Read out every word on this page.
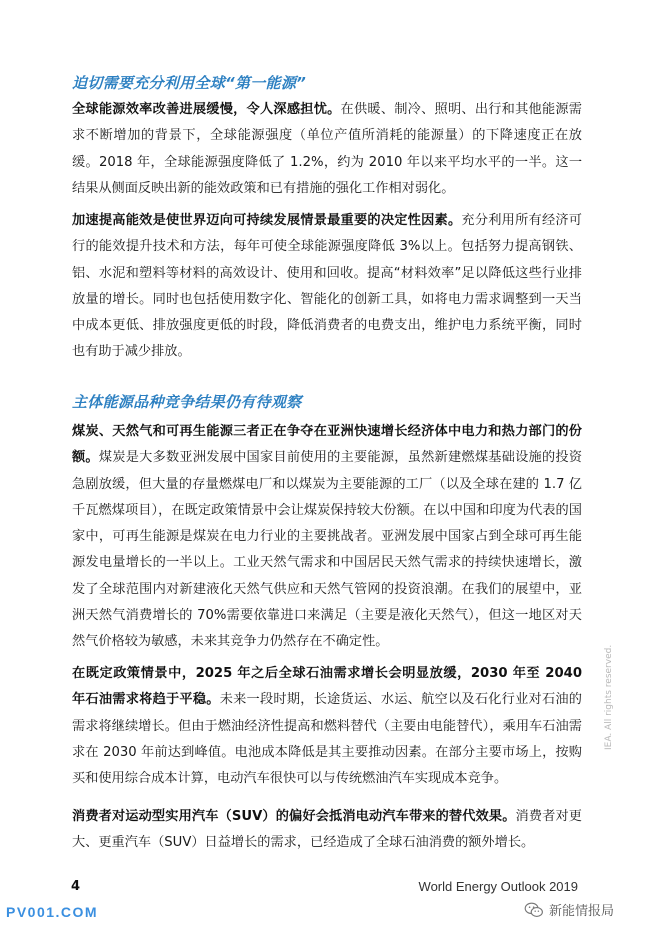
迫切需要充分利用全球“第一能源”

全球能源效率改善进展缓慢，令人深感担忧。在供暖、制冷、照明、出行和其他能源需求不断增加的背景下，全球能源强度（单位产值所消耗的能源量）的下降速度正在放缓。2018 年，全球能源强度降低了 1.2%，约为 2010 年以来平均水平的一半。这一结果从侧面反映出新的能效政策和已有措施的强化工作相对弱化。

加速提高能效是使世界迈向可持续发展情景最重要的决定性因素。充分利用所有经济可行的能效提升技术和方法，每年可使全球能源强度降低 3%以上。包括努力提高钢铁、铝、水泥和塑料等材料的高效设计、使用和回收。提高“材料效率”足以降低这些行业排放量的增长。同时也包括使用数字化、智能化的创新工具，如将电力需求调整到一天当中成本更低、排放强度更低的时段，降低消费者的电费支出，维护电力系统平衡，同时也有助于减少排放。

主体能源品种竞争结果仍有待观察

煤炭、天然气和可再生能源三者正在争夺在亚洲快速增长经济体中电力和热力部门的份额。煤炭是大多数亚洲发展中国家目前使用的主要能源，虽然新建燃煤基础设施的投资急剧放缓，但大量的存量燃煤电厂和以煤炭为主要能源的工厂（以及全球在建的 1.7 亿千瓦燃煤项目），在既定政策情景中会让煤炭保持较大份额。在以中国和印度为代表的国家中，可再生能源是煤炭在电力行业的主要挑战者。亚洲发展中国家占到全球可再生能源发电量增长的一半以上。工业天然气需求和中国居民天然气需求的持续快速增长，激发了全球范围内对新建液化天然气供应和天然气管网的投资浪潮。在我们的展望中，亚洲天然气消费增长的 70%需要依靠进口来满足（主要是液化天然气），但这一地区对天然气价格较为敏感，未来其竞争力仍然存在不确定性。

在既定政策情景中，2025 年之后全球石油需求增长会明显放缓，2030 年至 2040 年石油需求将趋于平稳。未来一段时期，长途货运、水运、航空以及石化行业对石油的需求将继续增长。但由于燃油经济性提高和燃料替代（主要由电能替代），乘用车石油需求在 2030 年前达到峰值。电池成本降低是其主要推动因素。在部分主要市场上，按购买和使用综合成本计算，电动汽车很快可以与传统燃油汽车实现成本竞争。

消费者对运动型实用汽车（SUV）的偏好会抵消电动汽车带来的替代效果。消费者对更大、更重汽车（SUV）日益增长的需求，已经造成了全球石油消费的额外增长。

IEA. All rights reserved.
4	World Energy Outlook 2019
PV001.COM	新能情报局
